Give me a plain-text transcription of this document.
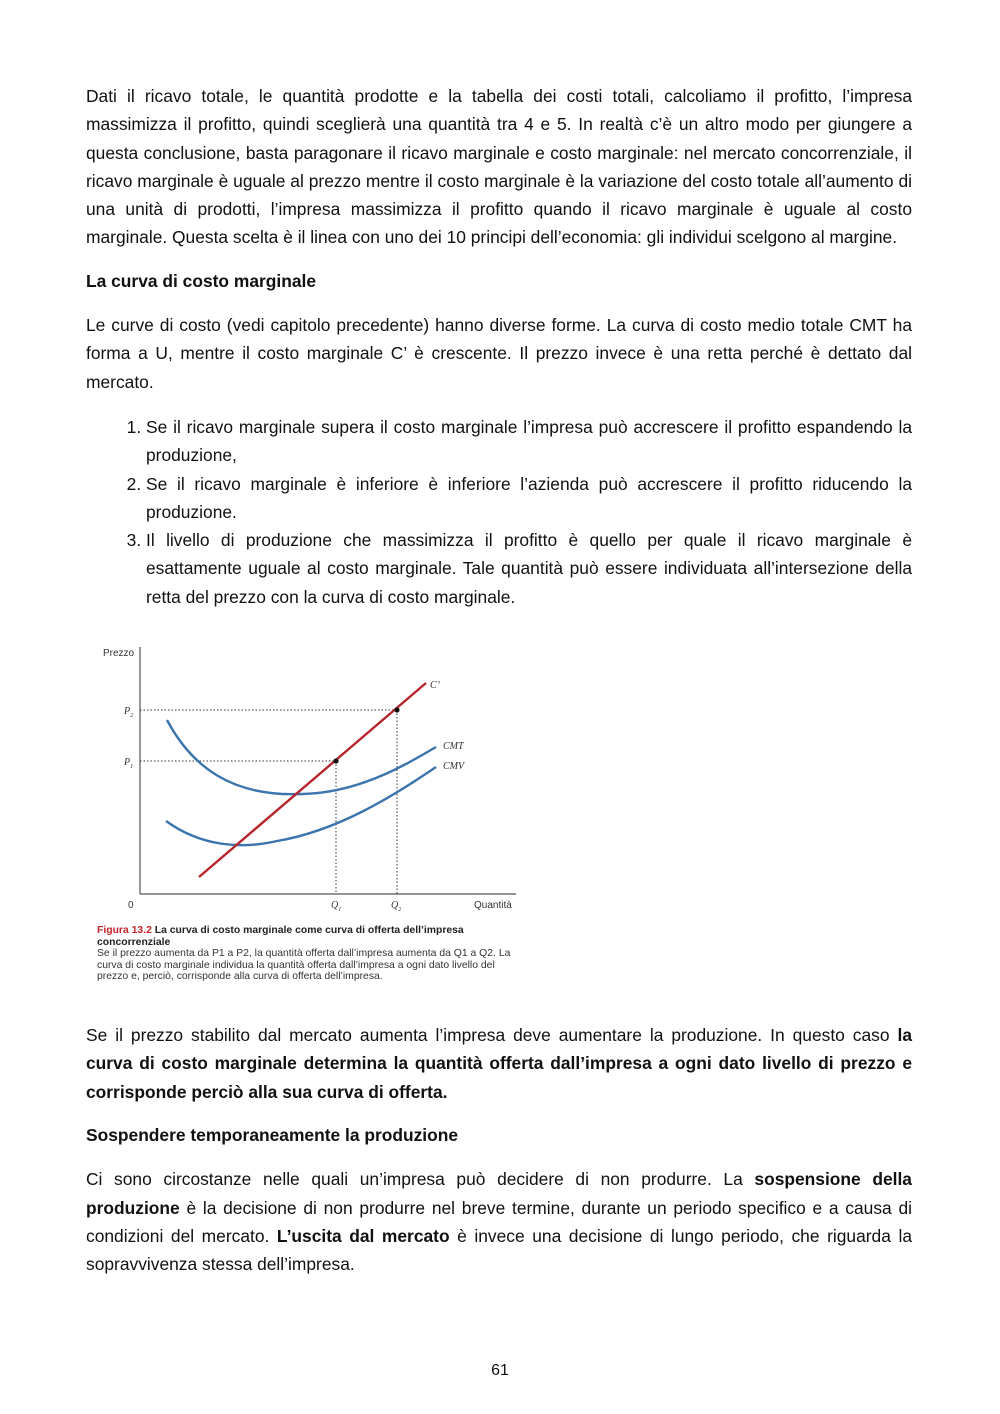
Dati il ricavo totale, le quantità prodotte e la tabella dei costi totali, calcoliamo il profitto, l’impresa massimizza il profitto, quindi sceglierà una quantità tra 4 e 5. In realtà c’è un altro modo per giungere a questa conclusione, basta paragonare il ricavo marginale e costo marginale: nel mercato concorrenziale, il ricavo marginale è uguale al prezzo mentre il costo marginale è la variazione del costo totale all’aumento di una unità di prodotti, l’impresa massimizza il profitto quando il ricavo marginale è uguale al costo marginale. Questa scelta è il linea con uno dei 10 principi dell’economia: gli individui scelgono al margine.

La curva di costo marginale

Le curve di costo (vedi capitolo precedente) hanno diverse forme. La curva di costo medio totale CMT ha forma a U, mentre il costo marginale C’ è crescente. Il prezzo invece è una retta perché è dettato dal mercato.

1. Se il ricavo marginale supera il costo marginale l’impresa può accrescere il profitto espandendo la produzione,
2. Se il ricavo marginale è inferiore è inferiore l’azienda può accrescere il profitto riducendo la produzione.
3. Il livello di produzione che massimizza il profitto è quello per quale il ricavo marginale è esattamente uguale al costo marginale. Tale quantità può essere individuata all’intersezione della retta del prezzo con la curva di costo marginale.
Prezzo
Quantità
0
$P_2$
$P_1$
$Q_1$	$Q_2$
C’
CMT
CMV
Figura 13.2 La curva di costo marginale come curva di offerta dell’impresa concorrenziale
Se il prezzo aumenta da P1 a P2, la quantità offerta dall’impresa aumenta da Q1 a Q2. La curva di costo marginale individua la quantità offerta dall’impresa a ogni dato livello del prezzo e, perciò, corrisponde alla curva di offerta dell’impresa.

Se il prezzo stabilito dal mercato aumenta l’impresa deve aumentare la produzione. In questo caso la curva di costo marginale determina la quantità offerta dall’impresa a ogni dato livello di prezzo e corrisponde perciò alla sua curva di offerta.

Sospendere temporaneamente la produzione

Ci sono circostanze nelle quali un’impresa può decidere di non produrre. La sospensione della produzione è la decisione di non produrre nel breve termine, durante un periodo specifico e a causa di condizioni del mercato. L’uscita dal mercato è invece una decisione di lungo periodo, che riguarda la sopravvivenza stessa dell’impresa.

61
